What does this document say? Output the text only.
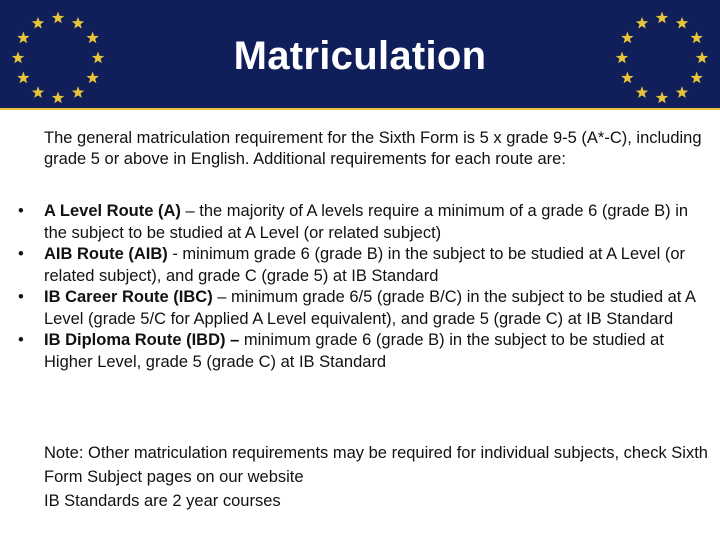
Matriculation
The general matriculation requirement for the Sixth Form is 5 x grade 9-5 (A*-C), including grade 5 or above in English. Additional requirements for each route are:
• A Level Route (A) – the majority of A levels require a minimum of a grade 6 (grade B) in the subject to be studied at A Level (or related subject)
• AIB Route (AIB) - minimum grade 6 (grade B) in the subject to be studied at A Level (or related subject), and grade C (grade 5) at IB Standard
• IB Career Route (IBC) – minimum grade 6/5 (grade B/C) in the subject to be studied at A Level (grade 5/C for Applied A Level equivalent), and grade 5 (grade C) at IB Standard
• IB Diploma Route (IBD) – minimum grade 6 (grade B) in the subject to be studied at Higher Level, grade 5 (grade C) at IB Standard

Note: Other matriculation requirements may be required for individual subjects, check Sixth Form Subject pages on our website

IB Standards are 2 year courses
